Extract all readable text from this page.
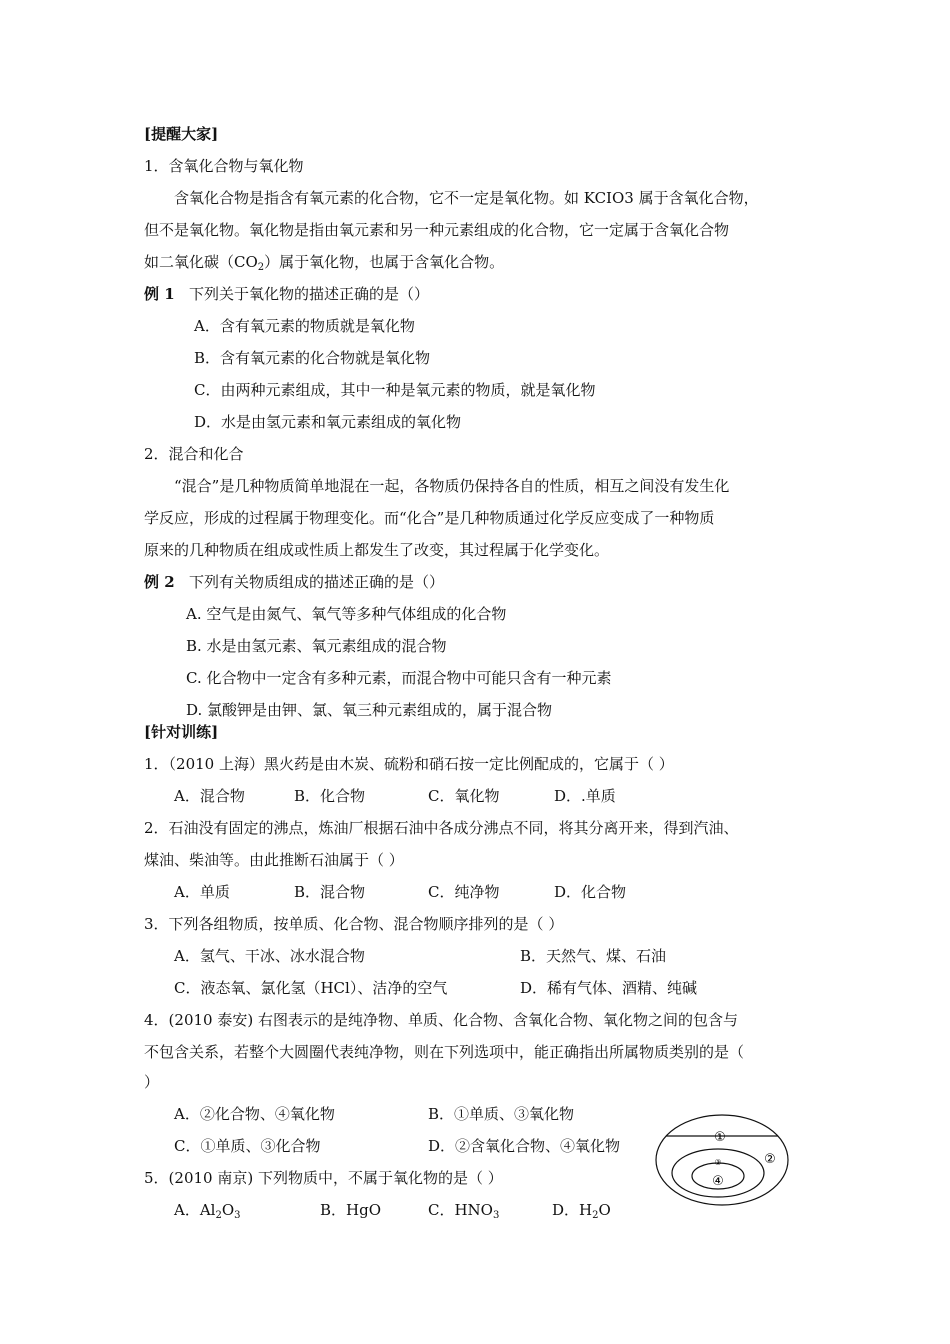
[提醒大家]
1．含氧化合物与氧化物
含氧化合物是指含有氧元素的化合物，它不一定是氧化物。如 KCIO3 属于含氧化合物，
但不是氧化物。氧化物是指由氧元素和另一种元素组成的化合物，它一定属于含氧化合物
如二氧化碳$(CO_2)$属于氧化物，也属于含氧化合物。
例 1 下列关于氧化物的描述正确的是（）
A．含有氧元素的物质就是氧化物
B．含有氧元素的化合物就是氧化物
C．由两种元素组成，其中一种是氧元素的物质，就是氧化物
D．水是由氢元素和氧元素组成的氧化物
2．混合和化合
“混合”是几种物质简单地混在一起，各物质仍保持各自的性质，相互之间没有发生化
学反应，形成的过程属于物理变化。而“化合”是几种物质通过化学反应变成了一种物质
原来的几种物质在组成或性质上都发生了改变，其过程属于化学变化。
例 2 下列有关物质组成的描述正确的是（）
A. 空气是由氮气、氧气等多种气体组成的化合物
B. 水是由氢元素、氧元素组成的混合物
C. 化合物中一定含有多种元素，而混合物中可能只含有一种元素
D. 氯酸钾是由钾、氯、氧三种元素组成的，属于混合物
[针对训练]
1．（2010 上海）黑火药是由木炭、硫粉和硝石按一定比例配成的，它属于（ ）
A．混合物	B．化合物	C．氧化物	D．.单质
2．石油没有固定的沸点，炼油厂根据石油中各成分沸点不同，将其分离开来，得到汽油、
煤油、柴油等。由此推断石油属于（ ）
A．单质	B．混合物	C．纯净物	D．化合物
3．下列各组物质，按单质、化合物、混合物顺序排列的是（ ）
A．氢气、干冰、冰水混合物	B．天然气、煤、石油
C．液态氧、氯化氢（HCl）、洁净的空气	D．稀有气体、酒精、纯碱
4．(2010 泰安) 右图表示的是纯净物、单质、化合物、含氧化合物、氧化物之间的包含与
不包含关系，若整个大圆圈代表纯净物，则在下列选项中，能正确指出所属物质类别的是（
）
A．②化合物、④氧化物	B．①单质、③氧化物
C．①单质、③化合物	D．②含氧化合物、④氧化物
5．(2010 南京) 下列物质中，不属于氧化物的是（ ）
A．$Al_2O_3$	B．HgO	C．$HNO_3$	D．$H_2O$
①
②
③
④
